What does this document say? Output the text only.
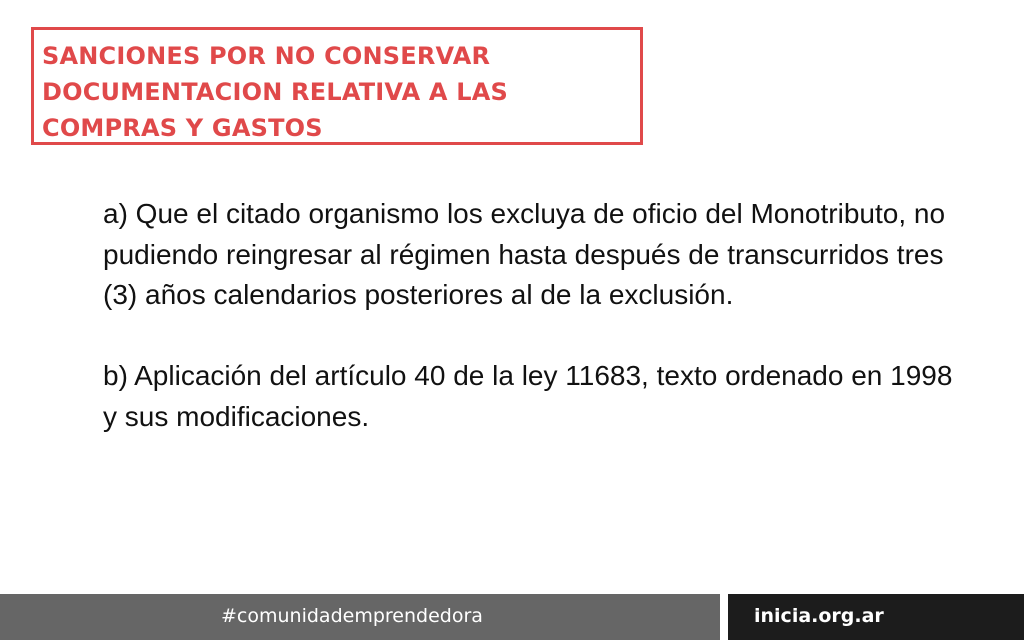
SANCIONES POR NO CONSERVAR
DOCUMENTACION RELATIVA A LAS
COMPRAS Y GASTOS

a) Que el citado organismo los excluya de oficio del Monotributo, no pudiendo reingresar al régimen hasta después de transcurridos tres (3) años calendarios posteriores al de la exclusión.

b) Aplicación del artículo 40 de la ley 11683, texto ordenado en 1998 y sus modificaciones.

#comunidademprendedora	inicia.org.ar
